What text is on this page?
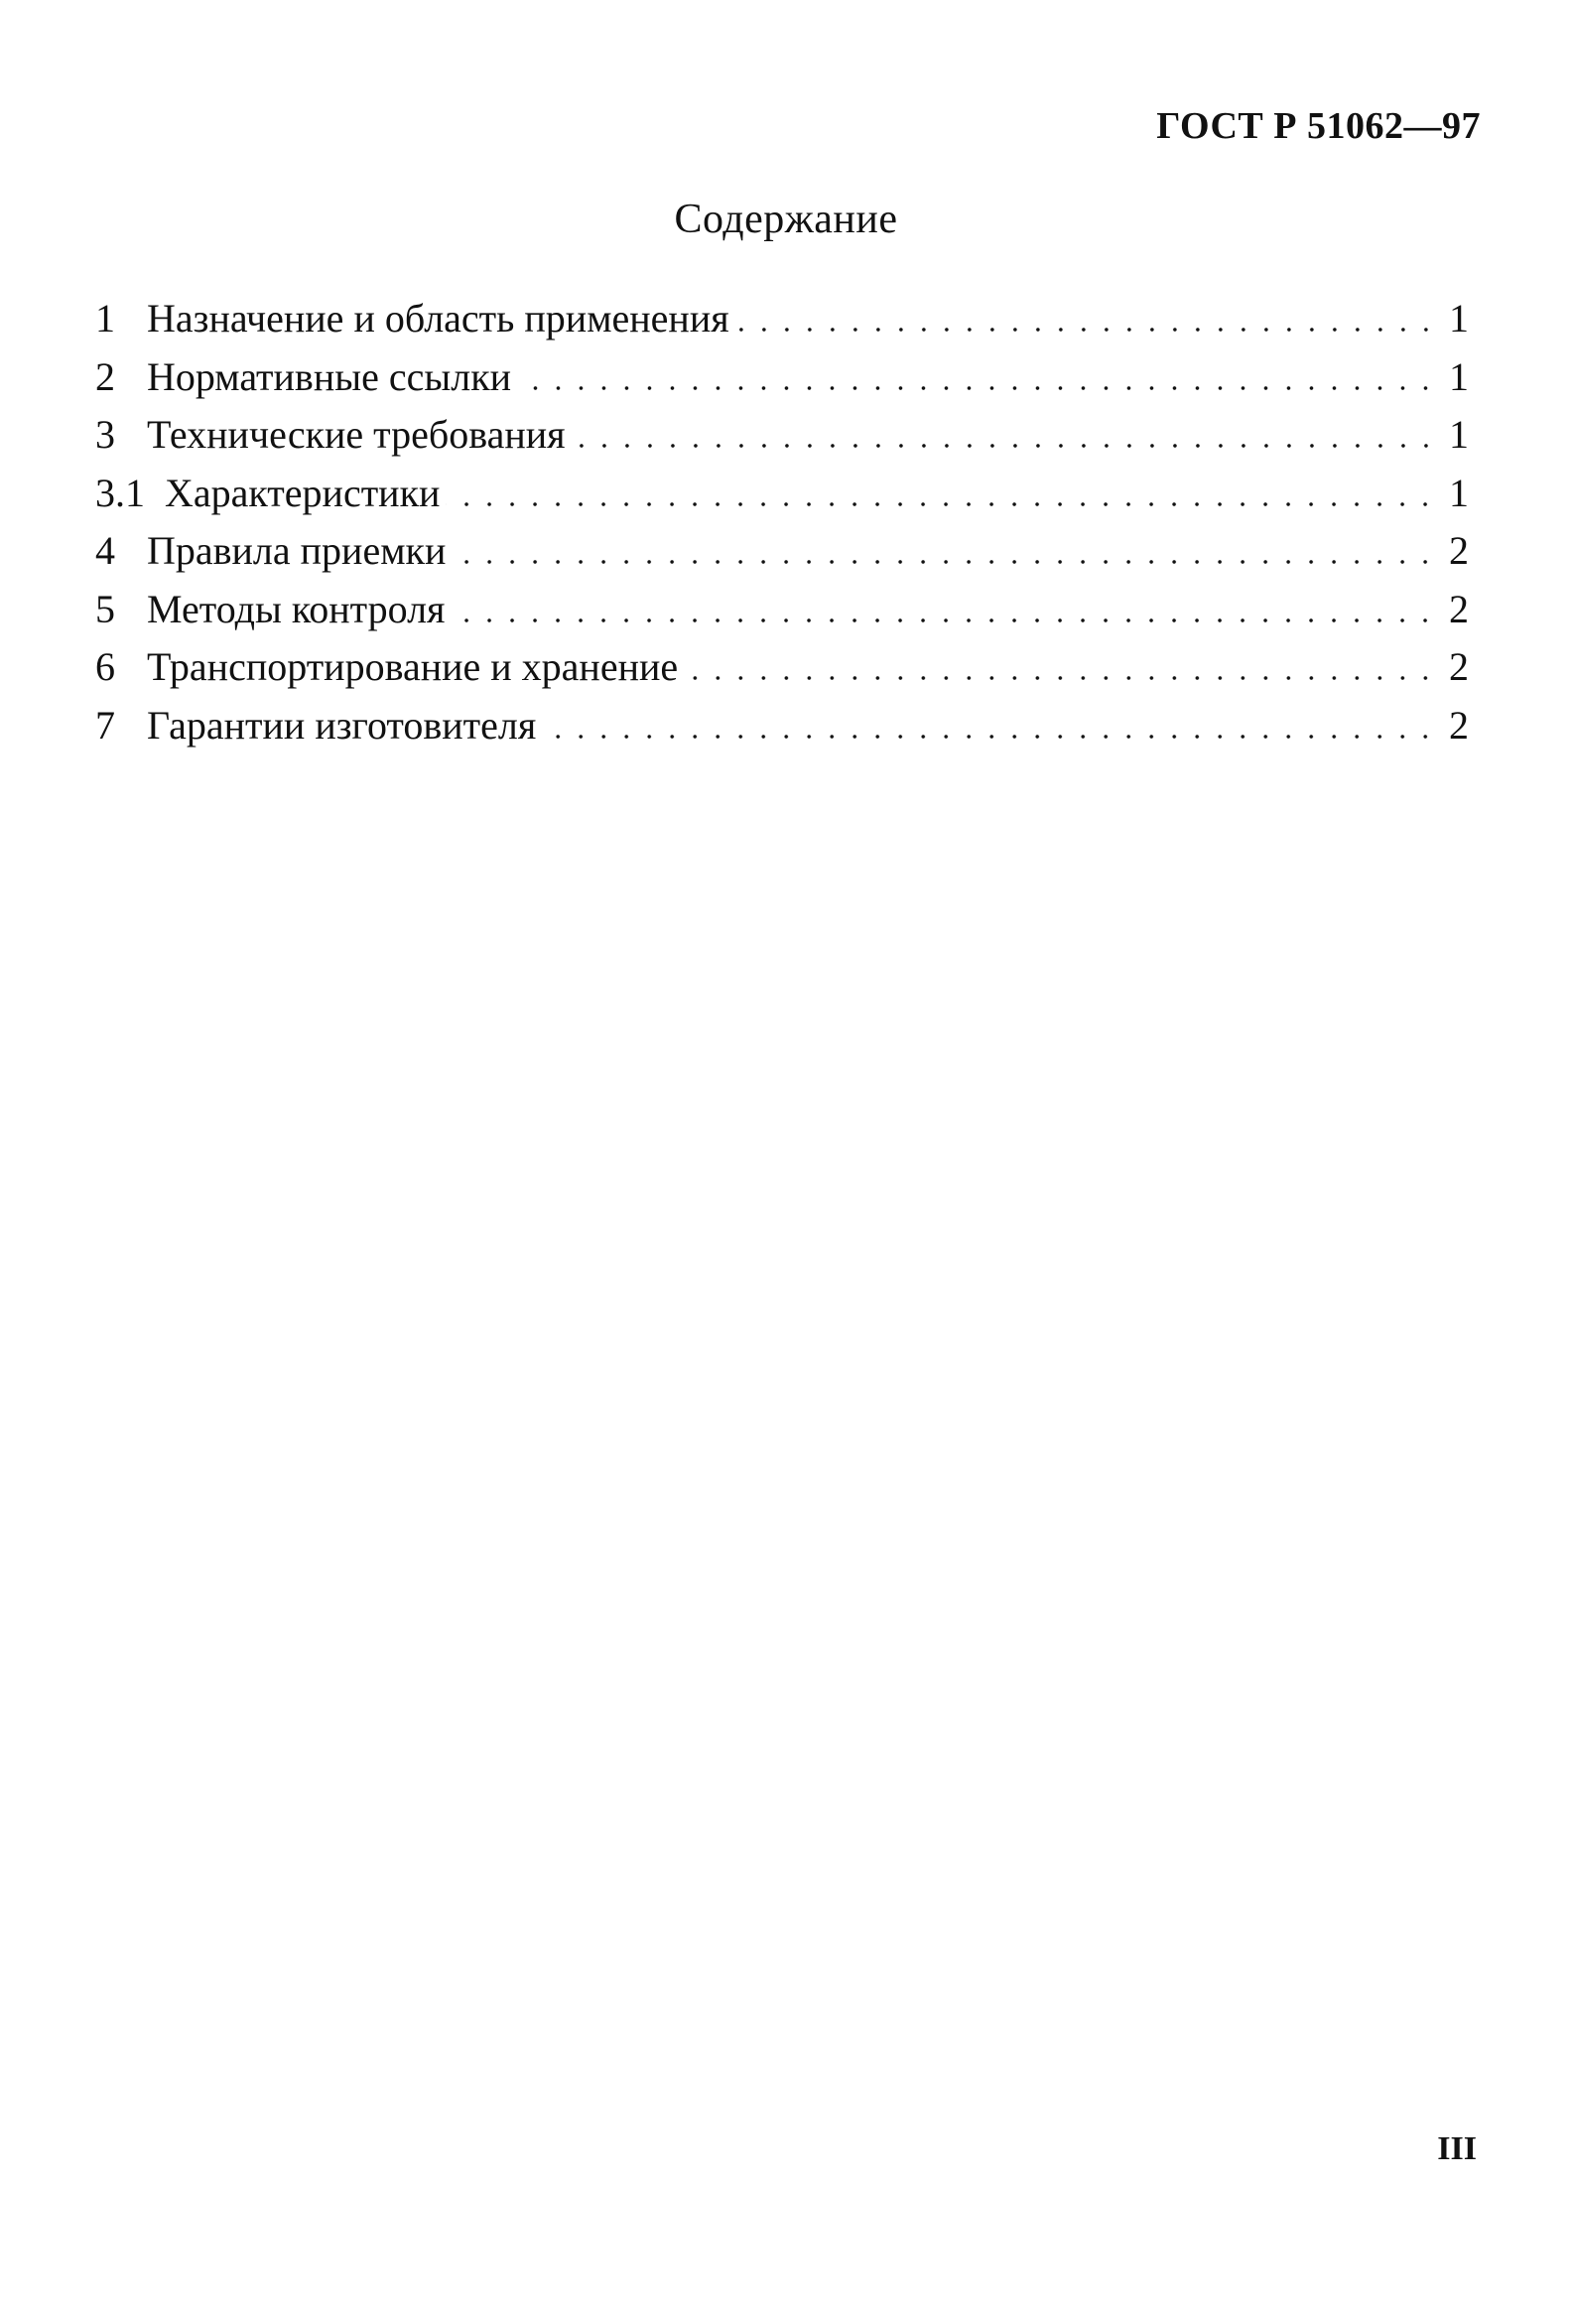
ГОСТ Р 51062—97
Содержание
1 Назначение и область применения	1
2 Нормативные ссылки	1
3 Технические требования	1
3.1 Характеристики	1
4 Правила приемки	2
5 Методы контроля	2
6 Транспортирование и хранение	2
7 Гарантии изготовителя	2
III
